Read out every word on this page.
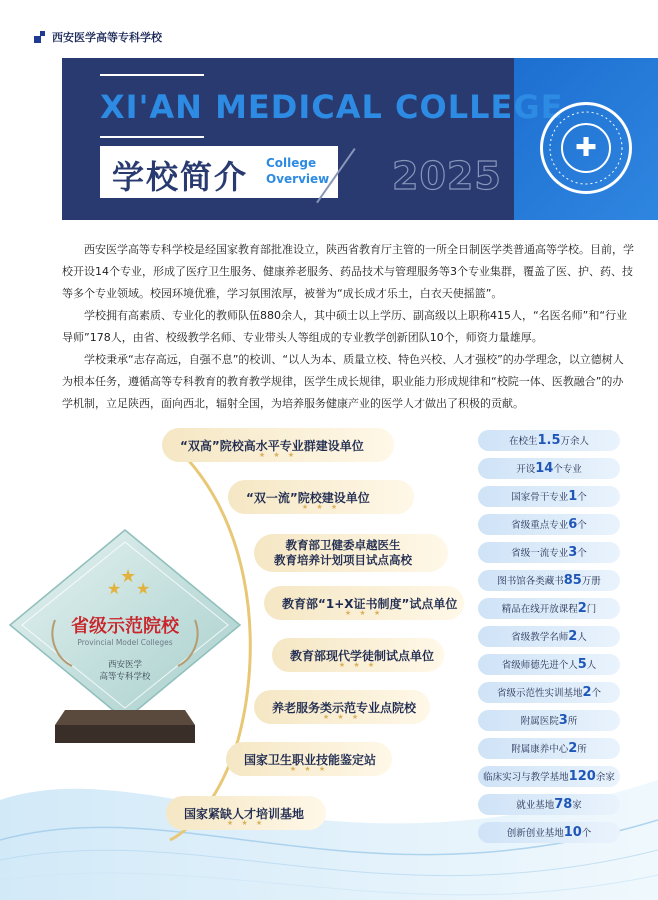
西安医学高等专科学校
XI'AN MEDICAL COLLEGE
学校简介 College
Overview 2025
✚

西安医学高等专科学校是经国家教育部批准设立，陕西省教育厅主管的一所全日制医学类普通高等学校。目前，学校开设14个专业，形成了医疗卫生服务、健康养老服务、药品技术与管理服务等3个专业集群，覆盖了医、护、药、技等多个专业领域。校园环境优雅，学习氛围浓厚，被誉为“成长成才乐土，白衣天使摇篮”。

学校拥有高素质、专业化的教师队伍880余人，其中硕士以上学历、副高级以上职称415人，“名医名师”和“行业导师”178人，由省、校级教学名师、专业带头人等组成的专业教学创新团队10个，师资力量雄厚。

学校秉承“志存高远，自强不息”的校训、“以人为本、质量立校、特色兴校、人才强校”的办学理念，以立德树人为根本任务，遵循高等专科教育的教育教学规律，医学生成长规律，职业能力形成规律和“校院一体、医教融合”的办学机制，立足陕西，面向西北，辐射全国，为培养服务健康产业的医学人才做出了积极的贡献。

★
★
★
省级示范院校
Provincial Model Colleges
西安医学
高等专科学校
“双高”院校高水平专业群建设单位
★ ★ ★
“双一流”院校建设单位
★ ★ ★
教育部卫健委卓越医生
教育培养计划项目试点高校
教育部“1+X证书制度”试点单位
★ ★ ★
教育部现代学徒制试点单位
★ ★ ★
养老服务类示范专业点院校
★ ★ ★
国家卫生职业技能鉴定站
★ ★ ★
国家紧缺人才培训基地
★ ★ ★
在校生1.5万余人
开设14个专业
国家骨干专业1个
省级重点专业6个
省级一流专业3个
图书馆各类藏书85万册
精品在线开放课程2门
省级教学名师2人
省级师德先进个人5人
省级示范性实训基地2个
附属医院3所
附属康养中心2所
临床实习与教学基地120余家
就业基地78家
创新创业基地10个
